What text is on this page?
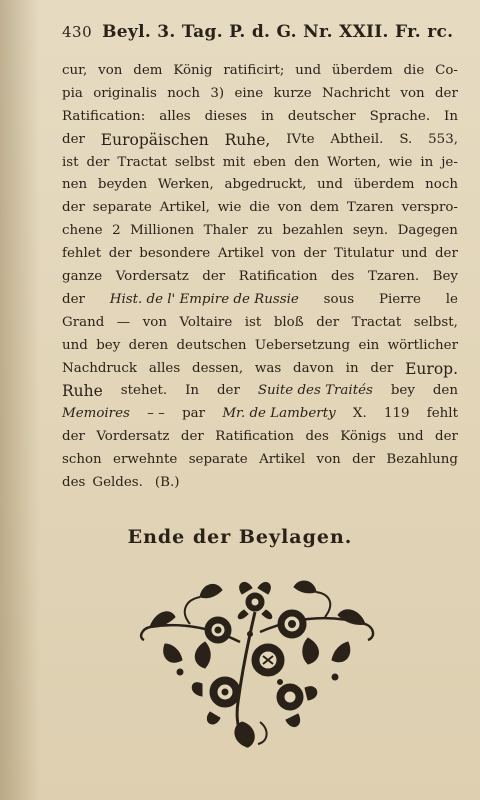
430 Beyl. 3. Tag. P. d. G. Nr. XXII. Fr. rc.
cur, von dem König ratificirt; und überdem die Co-
pia originalis noch 3) eine kurze Nachricht von der
Ratification: alles dieses in deutscher Sprache. In
der Europäischen Ruhe, IVte Abtheil. S. 553,
ist der Tractat selbst mit eben den Worten, wie in je-
nen beyden Werken, abgedruckt, und überdem noch
der separate Artikel, wie die von dem Tzaren verspro-
chene 2 Millionen Thaler zu bezahlen seyn. Dagegen
fehlet der besondere Artikel von der Titulatur und der
ganze Vordersatz der Ratification des Tzaren. Bey
der Hist. de l' Empire de Russie sous Pierre le
Grand — von Voltaire ist bloß der Tractat selbst,
und bey deren deutschen Uebersetzung ein wörtlicher
Nachdruck alles dessen, was davon in der Europ.
Ruhe stehet. In der Suite des Traités bey den
Memoires – – par Mr. de Lamberty X. 119 fehlt
der Vordersatz der Ratification des Königs und der
schon erwehnte separate Artikel von der Bezahlung
des Geldes. (B.)
Ende der Beylagen.
